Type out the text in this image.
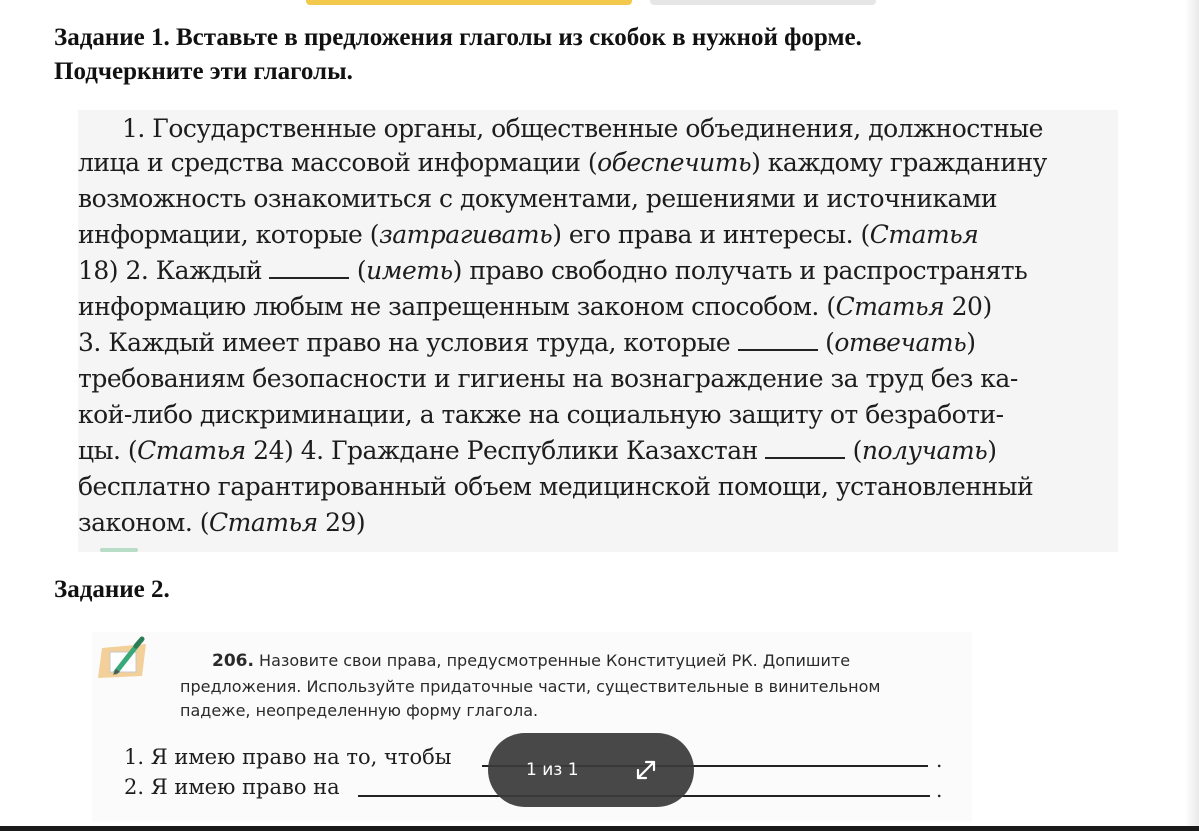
Задание 1. Вставьте в предложения глаголы из скобок в нужной форме.
Подчеркните эти глаголы.
1. Государственные органы, общественные объединения, должностные
лица и средства массовой информации (обеспечить) каждому гражданину
возможность ознакомиться с документами, решениями и источниками
информации, которые (затрагивать) его права и интересы. (Статья
18) 2. Каждый	(иметь) право свободно получать и распространять
информацию любым не запрещенным законом способом. (Статья 20)
3. Каждый имеет право на условия труда, которые	(отвечать)
требованиям безопасности и гигиены на вознаграждение за труд без ка-
кой-либо дискриминации, а также на социальную защиту от безработи-
цы. (Статья 24) 4. Граждане Республики Казахстан	(получать)
бесплатно гарантированный объем медицинской помощи, установленный
законом. (Статья 29)
Задание 2.
206. Назовите свои права, предусмотренные Конституцией РК. Допишите
предложения. Используйте придаточные части, существительные в винительном
падеже, неопределенную форму глагола.
1. Я имею право на то, чтобы	.
2. Я имею право на	.
1 из 1
